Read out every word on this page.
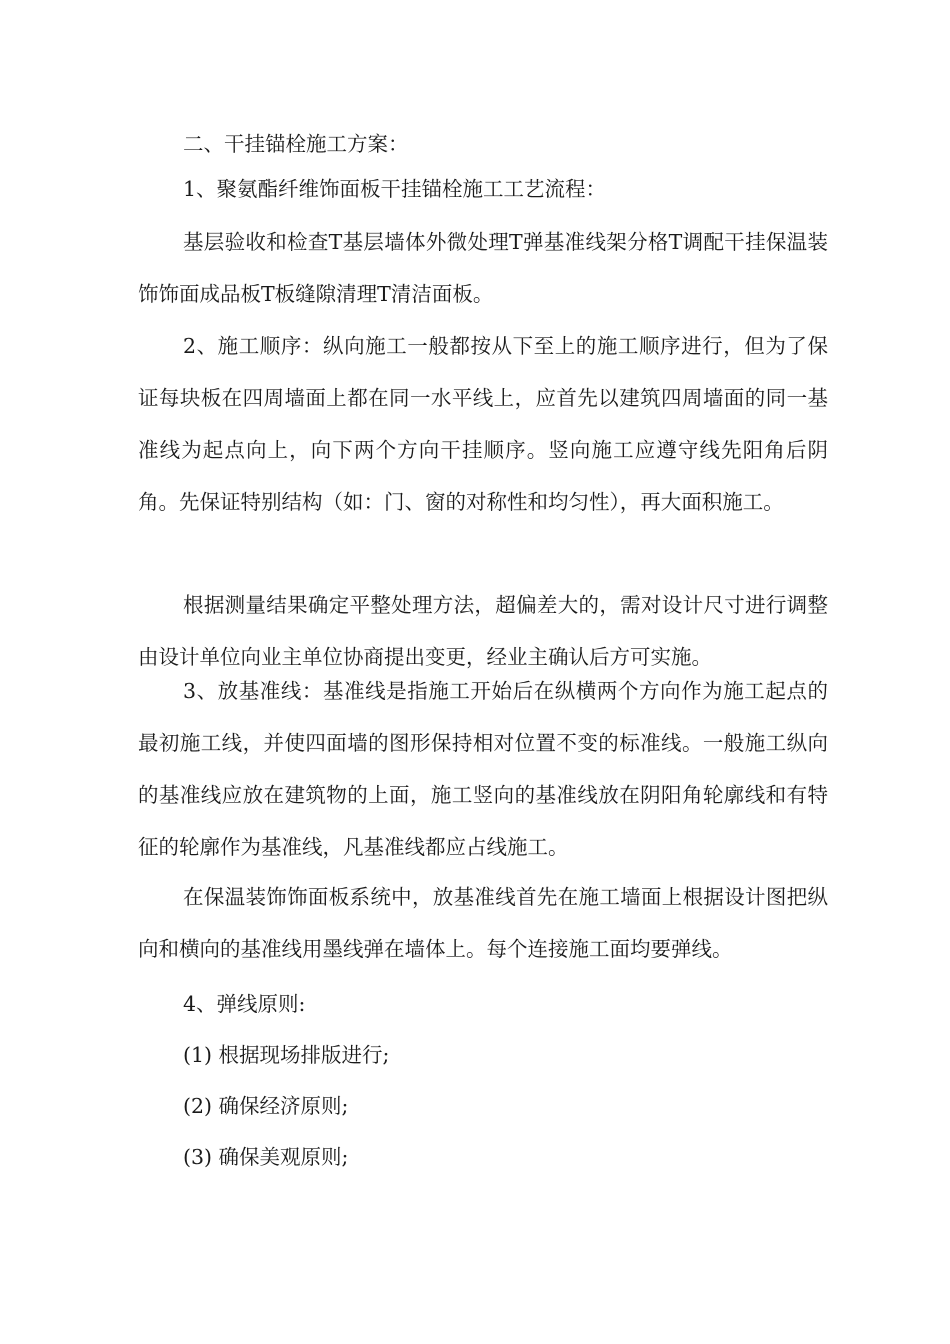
二、干挂锚栓施工方案：

1、聚氨酯纤维饰面板干挂锚栓施工工艺流程：

基层验收和检查T基层墙体外微处理T弹基准线架分格T调配干挂保温装饰饰面成品板T板缝隙清理T清洁面板。

2、施工顺序：纵向施工一般都按从下至上的施工顺序进行，但为了保证每块板在四周墙面上都在同一水平线上，应首先以建筑四周墙面的同一基准线为起点向上，向下两个方向干挂顺序。竖向施工应遵守线先阳角后阴角。先保证特别结构（如：门、窗的对称性和均匀性），再大面积施工。

根据测量结果确定平整处理方法，超偏差大的，需对设计尺寸进行调整由设计单位向业主单位协商提出变更，经业主确认后方可实施。

3、放基准线：基准线是指施工开始后在纵横两个方向作为施工起点的最初施工线，并使四面墙的图形保持相对位置不变的标准线。一般施工纵向的基准线应放在建筑物的上面，施工竖向的基准线放在阴阳角轮廓线和有特征的轮廓作为基准线，凡基准线都应占线施工。

在保温装饰饰面板系统中，放基准线首先在施工墙面上根据设计图把纵向和横向的基准线用墨线弹在墙体上。每个连接施工面均要弹线。

4、弹线原则:

(1) 根据现场排版进行;

(2) 确保经济原则;

(3) 确保美观原则;
